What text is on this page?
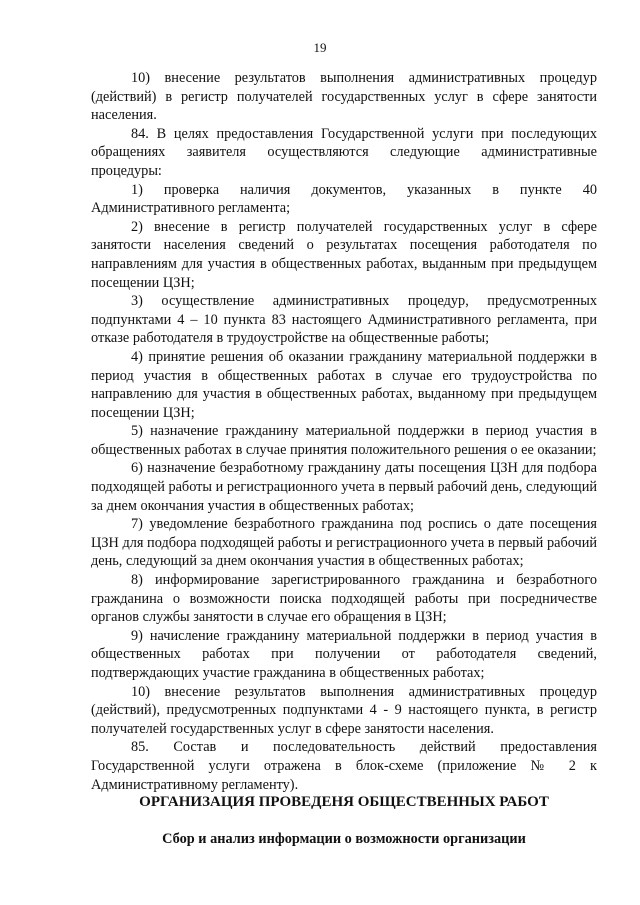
19

10) внесение результатов выполнения административных процедур (действий) в регистр получателей государственных услуг в сфере занятости населения.

84. В целях предоставления Государственной услуги при последующих обращениях заявителя осуществляются следующие административные процедуры:

1) проверка наличия документов, указанных в пункте 40 Административного регламента;

2) внесение в регистр получателей государственных услуг в сфере занятости населения сведений о результатах посещения работодателя по направлениям для участия в общественных работах, выданным при предыдущем посещении ЦЗН;

3) осуществление административных процедур, предусмотренных подпунктами 4 – 10 пункта 83 настоящего Административного регламента, при отказе работодателя в трудоустройстве на общественные работы;

4) принятие решения об оказании гражданину материальной поддержки в период участия в общественных работах в случае его трудоустройства по направлению для участия в общественных работах, выданному при предыдущем посещении ЦЗН;

5) назначение гражданину материальной поддержки в период участия в общественных работах в случае принятия положительного решения о ее оказании;

6) назначение безработному гражданину даты посещения ЦЗН для подбора подходящей работы и регистрационного учета в первый рабочий день, следующий за днем окончания участия в общественных работах;

7) уведомление безработного гражданина под роспись о дате посещения ЦЗН для подбора подходящей работы и регистрационного учета в первый рабочий день, следующий за днем окончания участия в общественных работах;

8) информирование зарегистрированного гражданина и безработного гражданина о возможности поиска подходящей работы при посредничестве органов службы занятости в случае его обращения в ЦЗН;

9) начисление гражданину материальной поддержки в период участия в общественных работах при получении от работодателя сведений, подтверждающих участие гражданина в общественных работах;

10) внесение результатов выполнения административных процедур (действий), предусмотренных подпунктами 4 - 9 настоящего пункта, в регистр получателей государственных услуг в сфере занятости населения.

85. Состав и последовательность действий предоставления Государственной услуги отражена в блок-схеме (приложение № 2 к Административному регламенту).

ОРГАНИЗАЦИЯ ПРОВЕДЕНЯ ОБЩЕСТВЕННЫХ РАБОТ

Сбор и анализ информации о возможности организации
